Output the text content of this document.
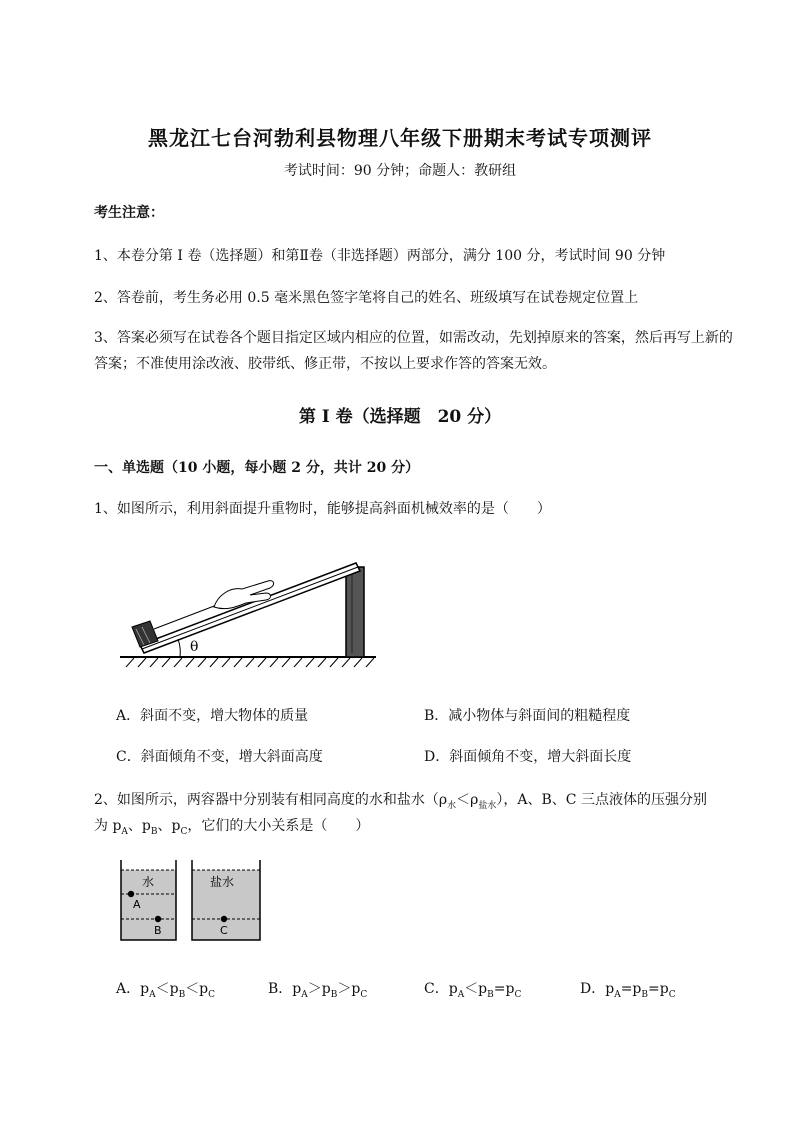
黑龙江七台河勃利县物理八年级下册期末考试专项测评
考试时间：90 分钟；命题人：教研组
考生注意：
1、本卷分第 I 卷（选择题）和第Ⅱ卷（非选择题）两部分，满分 100 分，考试时间 90 分钟
2、答卷前，考生务必用 0.5 毫米黑色签字笔将自己的姓名、班级填写在试卷规定位置上
3、答案必须写在试卷各个题目指定区域内相应的位置，如需改动，先划掉原来的答案，然后再写上新的答案；不准使用涂改液、胶带纸、修正带，不按以上要求作答的答案无效。
第 I 卷（选择题　20 分）
一、单选题（10 小题，每小题 2 分，共计 20 分）
1、如图所示，利用斜面提升重物时，能够提高斜面机械效率的是（　　）
θ
A．斜面不变，增大物体的质量	B．减小物体与斜面间的粗糙程度
C．斜面倾角不变，增大斜面高度	D．斜面倾角不变，增大斜面长度
2、如图所示，两容器中分别装有相同高度的水和盐水$(\rho_水<\rho_{盐水})$，A、B、C 三点液体的压强分别
为 $p_A$、$p_B$、$p_C$，它们的大小关系是（　　）
水
A
B
盐水
C
A．$p_A<p_B<p_C$	B．$p_A>p_B>p_C$	C．$p_A<p_B=p_C$	D．$p_A=p_B=p_C$
